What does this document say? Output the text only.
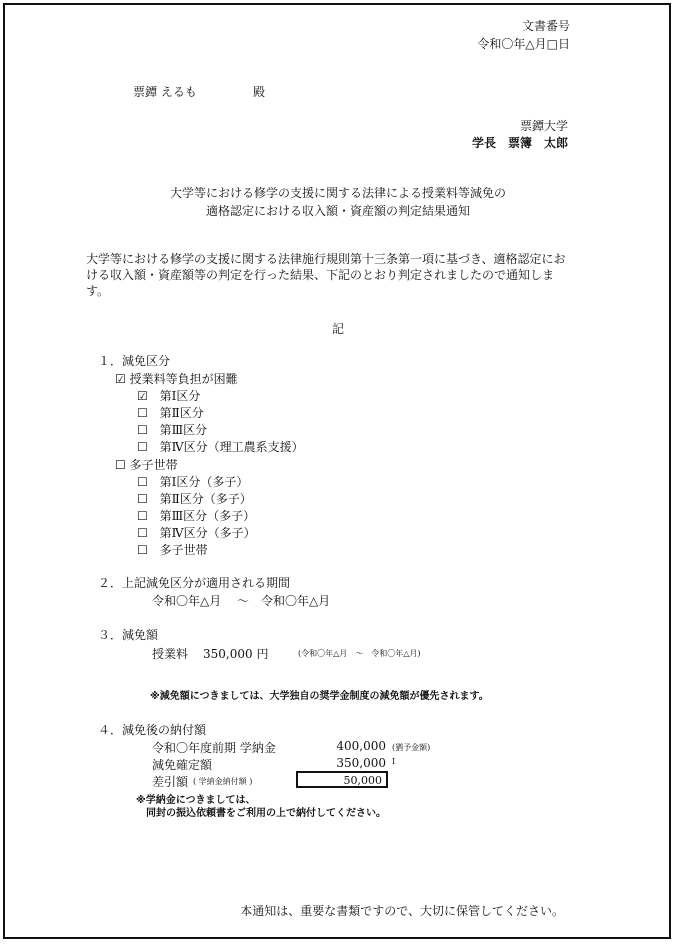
文書番号
令和〇年△月□日
票鐔 えるも	殿
票鐔大学
学長　票簿　太郎
大学等における修学の支援に関する法律による授業料等減免の
適格認定における収入額・資産額の判定結果通知
大学等における修学の支援に関する法律施行規則第十三条第一項に基づき、適格認定における収入額・資産額等の判定を行った結果、下記のとおり判定されましたので通知します。
記
１．減免区分
☑ 授業料等負担が困難
☑ 第Ⅰ区分
☐ 第Ⅱ区分
☐ 第Ⅲ区分
☐ 第Ⅳ区分（理工農系支援）
☐ 多子世帯
☐ 第Ⅰ区分（多子）
☐ 第Ⅱ区分（多子）
☐ 第Ⅲ区分（多子）
☐ 第Ⅳ区分（多子）
☐ 多子世帯
２．上記減免区分が適用される期間
令和〇年△月　 〜　令和〇年△月
３．減免額
授業料 350,000 円	(令和〇年△月　～　令和〇年△月)
※減免額につきましては、大学独自の奨学金制度の減免額が優先されます。
４．減免後の納付額
令和〇年度前期 学納金	400,000 (猶予金額)
減免確定額	350,000 I
差引額 ( 学納金納付額 )	50,000
※学納金につきましては、
同封の振込依頼書をご利用の上で納付してください。
本通知は、重要な書類ですので、大切に保管してください。
